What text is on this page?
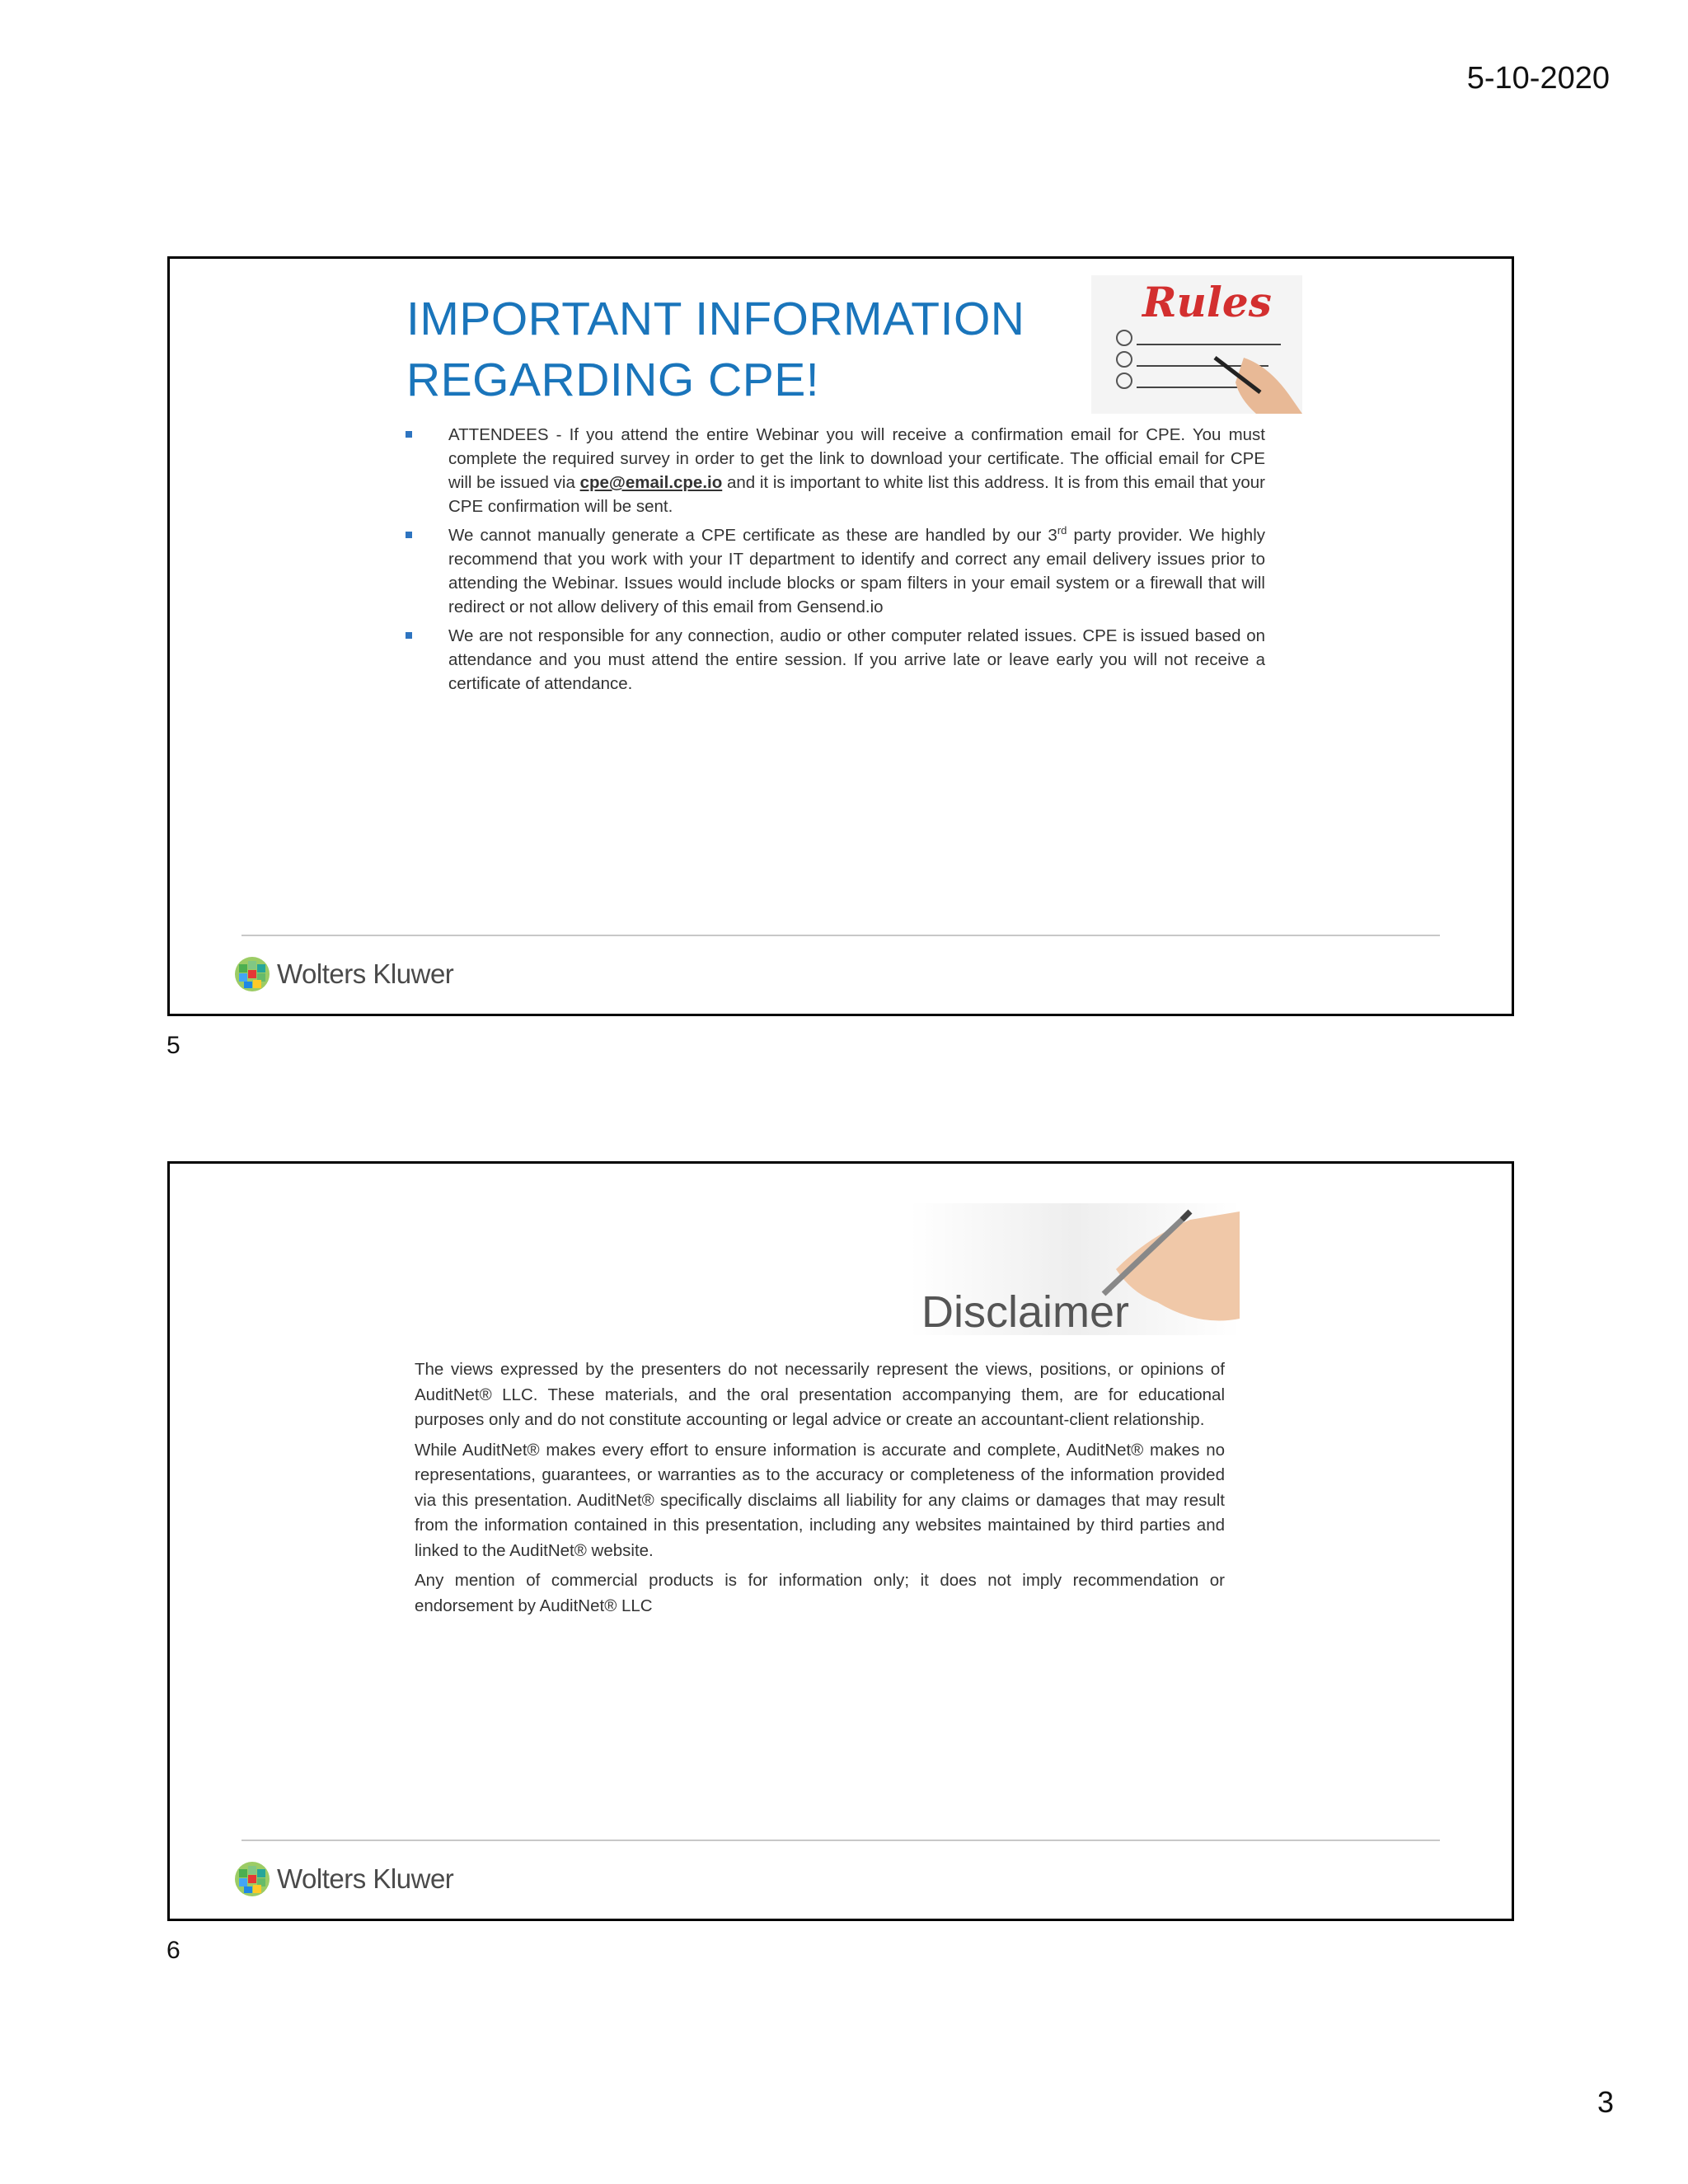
5-10-2020
IMPORTANT INFORMATION
REGARDING CPE!
Rules
ATTENDEES - If you attend the entire Webinar you will receive a confirmation email for CPE. You must complete the required survey in order to get the link to download your certificate. The official email for CPE will be issued via cpe@email.cpe.io and it is important to white list this address. It is from this email that your CPE confirmation will be sent.
We cannot manually generate a CPE certificate as these are handled by our 3rd party provider. We highly recommend that you work with your IT department to identify and correct any email delivery issues prior to attending the Webinar. Issues would include blocks or spam filters in your email system or a firewall that will redirect or not allow delivery of this email from Gensend.io
We are not responsible for any connection, audio or other computer related issues. CPE is issued based on attendance and you must attend the entire session. If you arrive late or leave early you will not receive a certificate of attendance.
Wolters Kluwer
5
Disclaimer

The views expressed by the presenters do not necessarily represent the views, positions, or opinions of AuditNet® LLC. These materials, and the oral presentation accompanying them, are for educational purposes only and do not constitute accounting or legal advice or create an accountant-client relationship.

While AuditNet® makes every effort to ensure information is accurate and complete, AuditNet® makes no representations, guarantees, or warranties as to the accuracy or completeness of the information provided via this presentation. AuditNet® specifically disclaims all liability for any claims or damages that may result from the information contained in this presentation, including any websites maintained by third parties and linked to the AuditNet® website.

Any mention of commercial products is for information only; it does not imply recommendation or endorsement by AuditNet® LLC

Wolters Kluwer
6
3
